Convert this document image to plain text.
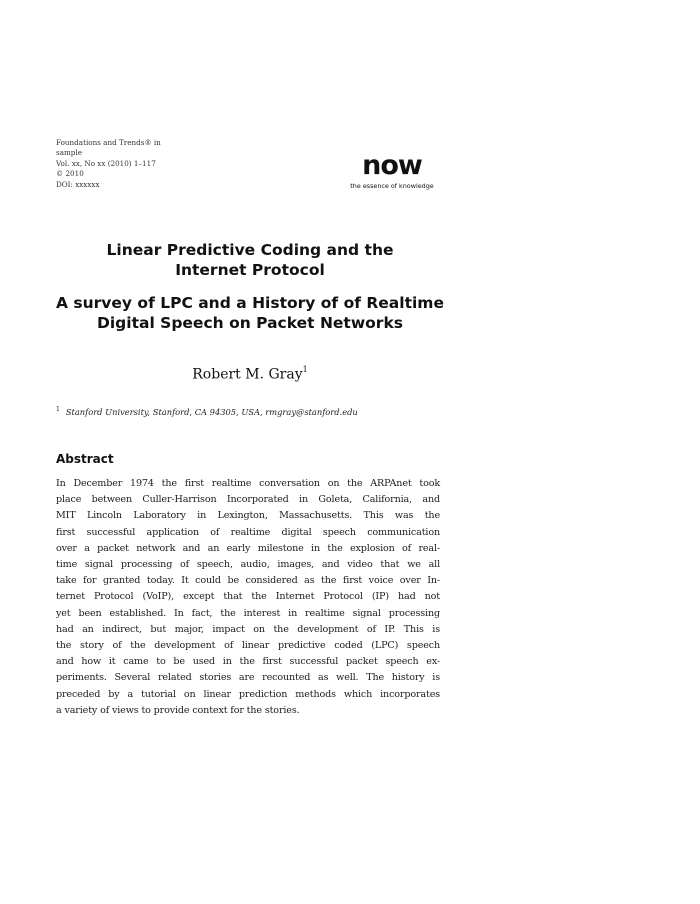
Foundations and Trends® in
sample
Vol. xx, No xx (2010) 1–117
© 2010
DOI: xxxxxx
now
the essence of knowledge
Linear Predictive Coding and the
Internet Protocol
A survey of LPC and a History of of Realtime
Digital Speech on Packet Networks
Robert M. Gray$^1$
$^1$ Stanford University, Stanford, CA 94305, USA, rmgray@stanford.edu
Abstract
In December 1974 the first realtime conversation on the ARPAnet took
place between Culler-Harrison Incorporated in Goleta, California, and
MIT Lincoln Laboratory in Lexington, Massachusetts. This was the
first successful application of realtime digital speech communication
over a packet network and an early milestone in the explosion of real-
time signal processing of speech, audio, images, and video that we all
take for granted today. It could be considered as the first voice over In-
ternet Protocol (VoIP), except that the Internet Protocol (IP) had not
yet been established. In fact, the interest in realtime signal processing
had an indirect, but major, impact on the development of IP. This is
the story of the development of linear predictive coded (LPC) speech
and how it came to be used in the first successful packet speech ex-
periments. Several related stories are recounted as well. The history is
preceded by a tutorial on linear prediction methods which incorporates
a variety of views to provide context for the stories.
